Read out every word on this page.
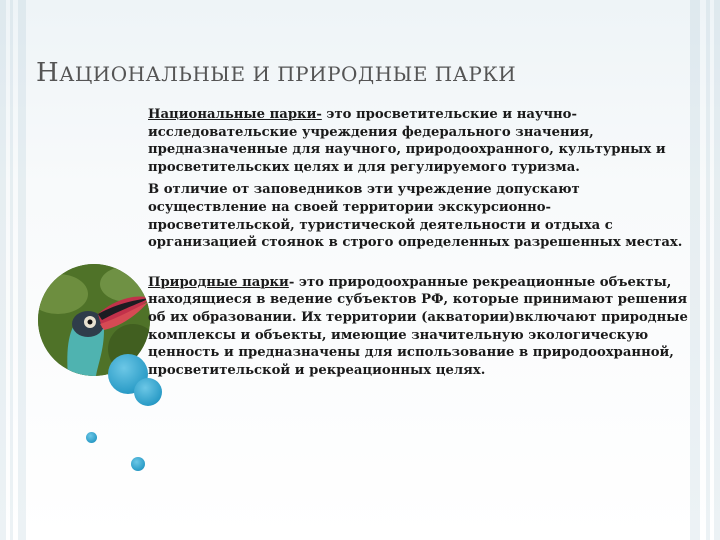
НАЦИОНАЛЬНЫЕ И ПРИРОДНЫЕ ПАРКИ

Национальные парки- это просветительские и научно-исследовательские учреждения федерального значения, предназначенные для научного, природоохранного, культурных и просветительских целях и для регулируемого туризма.

В отличие от заповедников эти учреждение допускают осуществление на своей территории экскурсионно-просветительской, туристической деятельности и отдыха с организацией стоянок в строго определенных разрешенных местах.

Природные парки- это природоохранные рекреационные объекты, находящиеся в ведение субъектов РФ, которые принимают решения об их образовании. Их территории (акватории)включают природные комплексы и объекты, имеющие значительную экологическую ценность и предназначены для использование в природоохранной, просветительской и рекреационных целях.
